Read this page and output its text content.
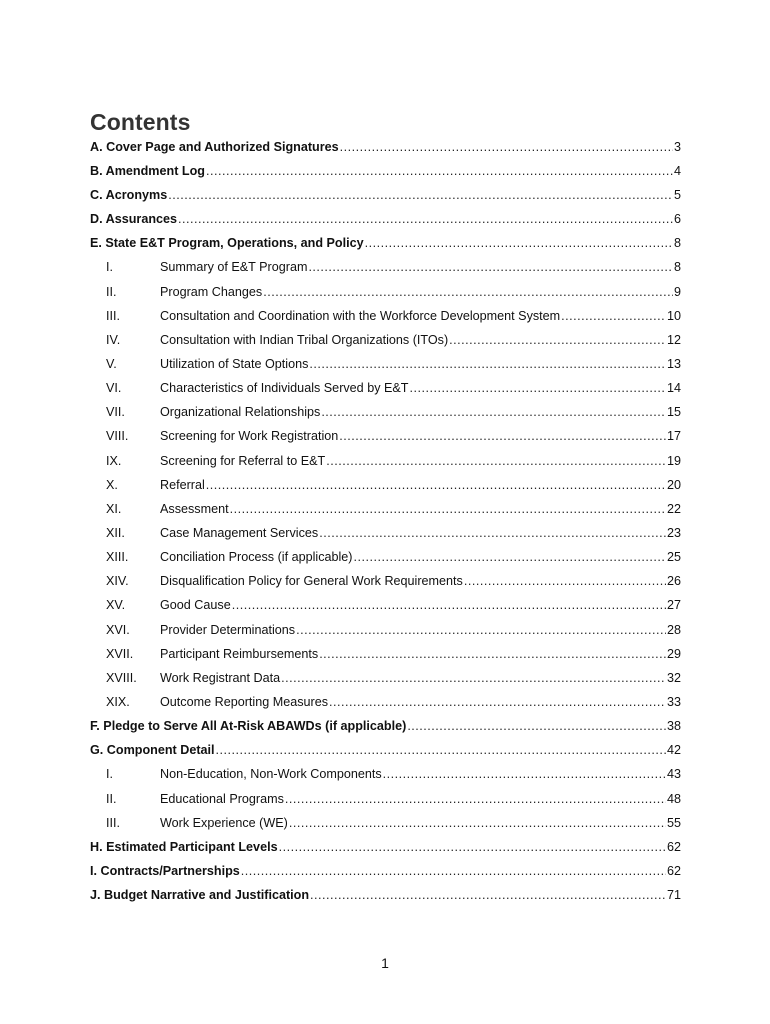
Contents
A. Cover Page and Authorized Signatures .....	3
B. Amendment Log .....	4
C. Acronyms .....	5
D. Assurances .....	6
E. State E&T Program, Operations, and Policy .....	8
I.	Summary of E&T Program .....	8
II.	Program Changes .....	9
III.	Consultation and Coordination with the Workforce Development System .....	10
IV.	Consultation with Indian Tribal Organizations (ITOs) .....	12
V.	Utilization of State Options .....	13
VI.	Characteristics of Individuals Served by E&T .....	14
VII.	Organizational Relationships .....	15
VIII.	Screening for Work Registration .....	17
IX.	Screening for Referral to E&T .....	19
X.	Referral .....	20
XI.	Assessment .....	22
XII.	Case Management Services .....	23
XIII.	Conciliation Process (if applicable) .....	25
XIV.	Disqualification Policy for General Work Requirements .....	26
XV.	Good Cause .....	27
XVI.	Provider Determinations .....	28
XVII.	Participant Reimbursements .....	29
XVIII.	Work Registrant Data .....	32
XIX.	Outcome Reporting Measures .....	33
F. Pledge to Serve All At-Risk ABAWDs (if applicable) .....	38
G. Component Detail .....	42
I.	Non-Education, Non-Work Components .....	43
II.	Educational Programs .....	48
III.	Work Experience (WE) .....	55
H. Estimated Participant Levels .....	62
I. Contracts/Partnerships .....	62
J. Budget Narrative and Justification .....	71
1
